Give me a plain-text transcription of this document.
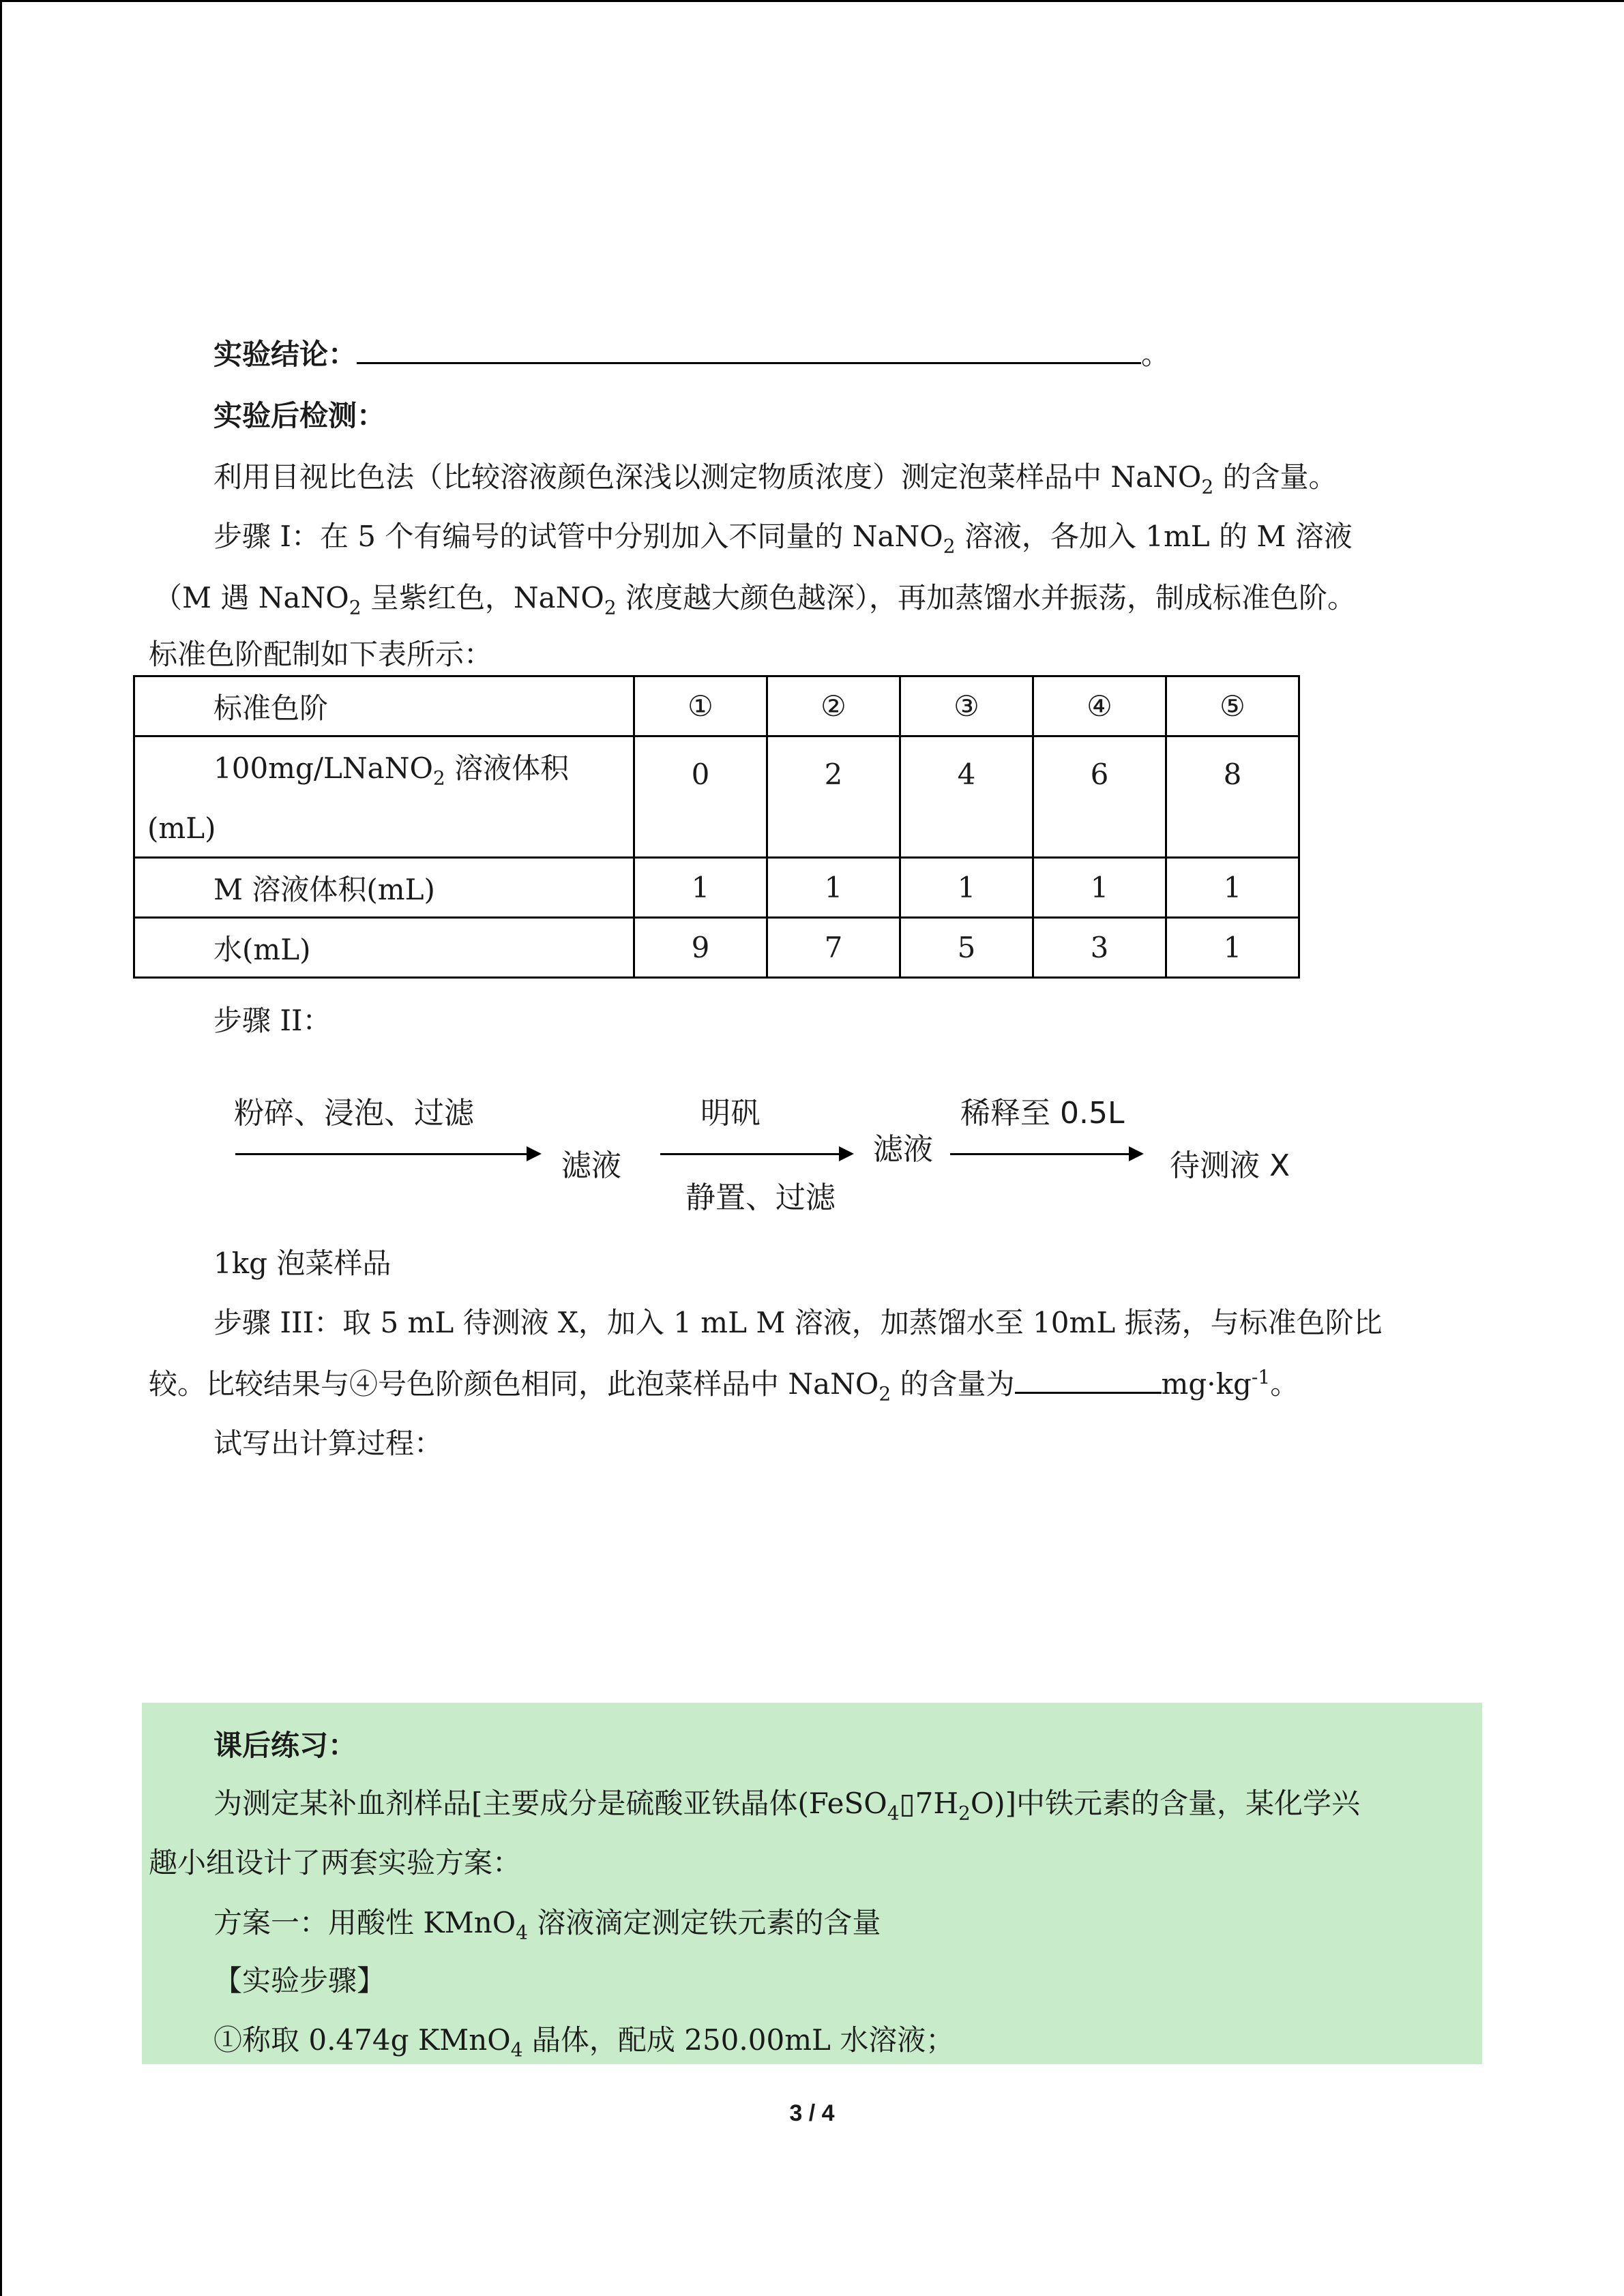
实验结论：	。
实验后检测：
利用目视比色法（比较溶液颜色深浅以测定物质浓度）测定泡菜样品中 NaNO$_2$ 的含量。
步骤 I：在 5 个有编号的试管中分别加入不同量的 NaNO$_2$ 溶液，各加入 1mL 的 M 溶液
（M 遇 NaNO$_2$ 呈紫红色，NaNO$_2$ 浓度越大颜色越深），再加蒸馏水并振荡，制成标准色阶。
标准色阶配制如下表所示：
标准色阶	①	②	③	④	⑤

100mg/LNaNO$_2$ 溶液体积
(mL)	0	2	4	6	8

M 溶液体积(mL)	1	1	1	1	1

水(mL)	9	7	5	3	1
步骤 II：
粉碎、浸泡、过滤
滤液
明矾
静置、过滤
滤液
稀释至 0.5L
待测液 X
1kg 泡菜样品
步骤 III：取 5 mL 待测液 X，加入 1 mL M 溶液，加蒸馏水至 10mL 振荡，与标准色阶比
较。比较结果与④号色阶颜色相同，此泡菜样品中 NaNO$_2$ 的含量为	$mg\cdot kg^{-1}$。
试写出计算过程：
课后练习：
为测定某补血剂样品[主要成分是硫酸亚铁晶体$(FeSO_4▯7H_2O)$]中铁元素的含量，某化学兴
趣小组设计了两套实验方案：
方案一：用酸性 KMnO$_4$ 溶液滴定测定铁元素的含量
【实验步骤】
①称取 0.474g KMnO$_4$ 晶体，配成 250.00mL 水溶液；
3 / 4
